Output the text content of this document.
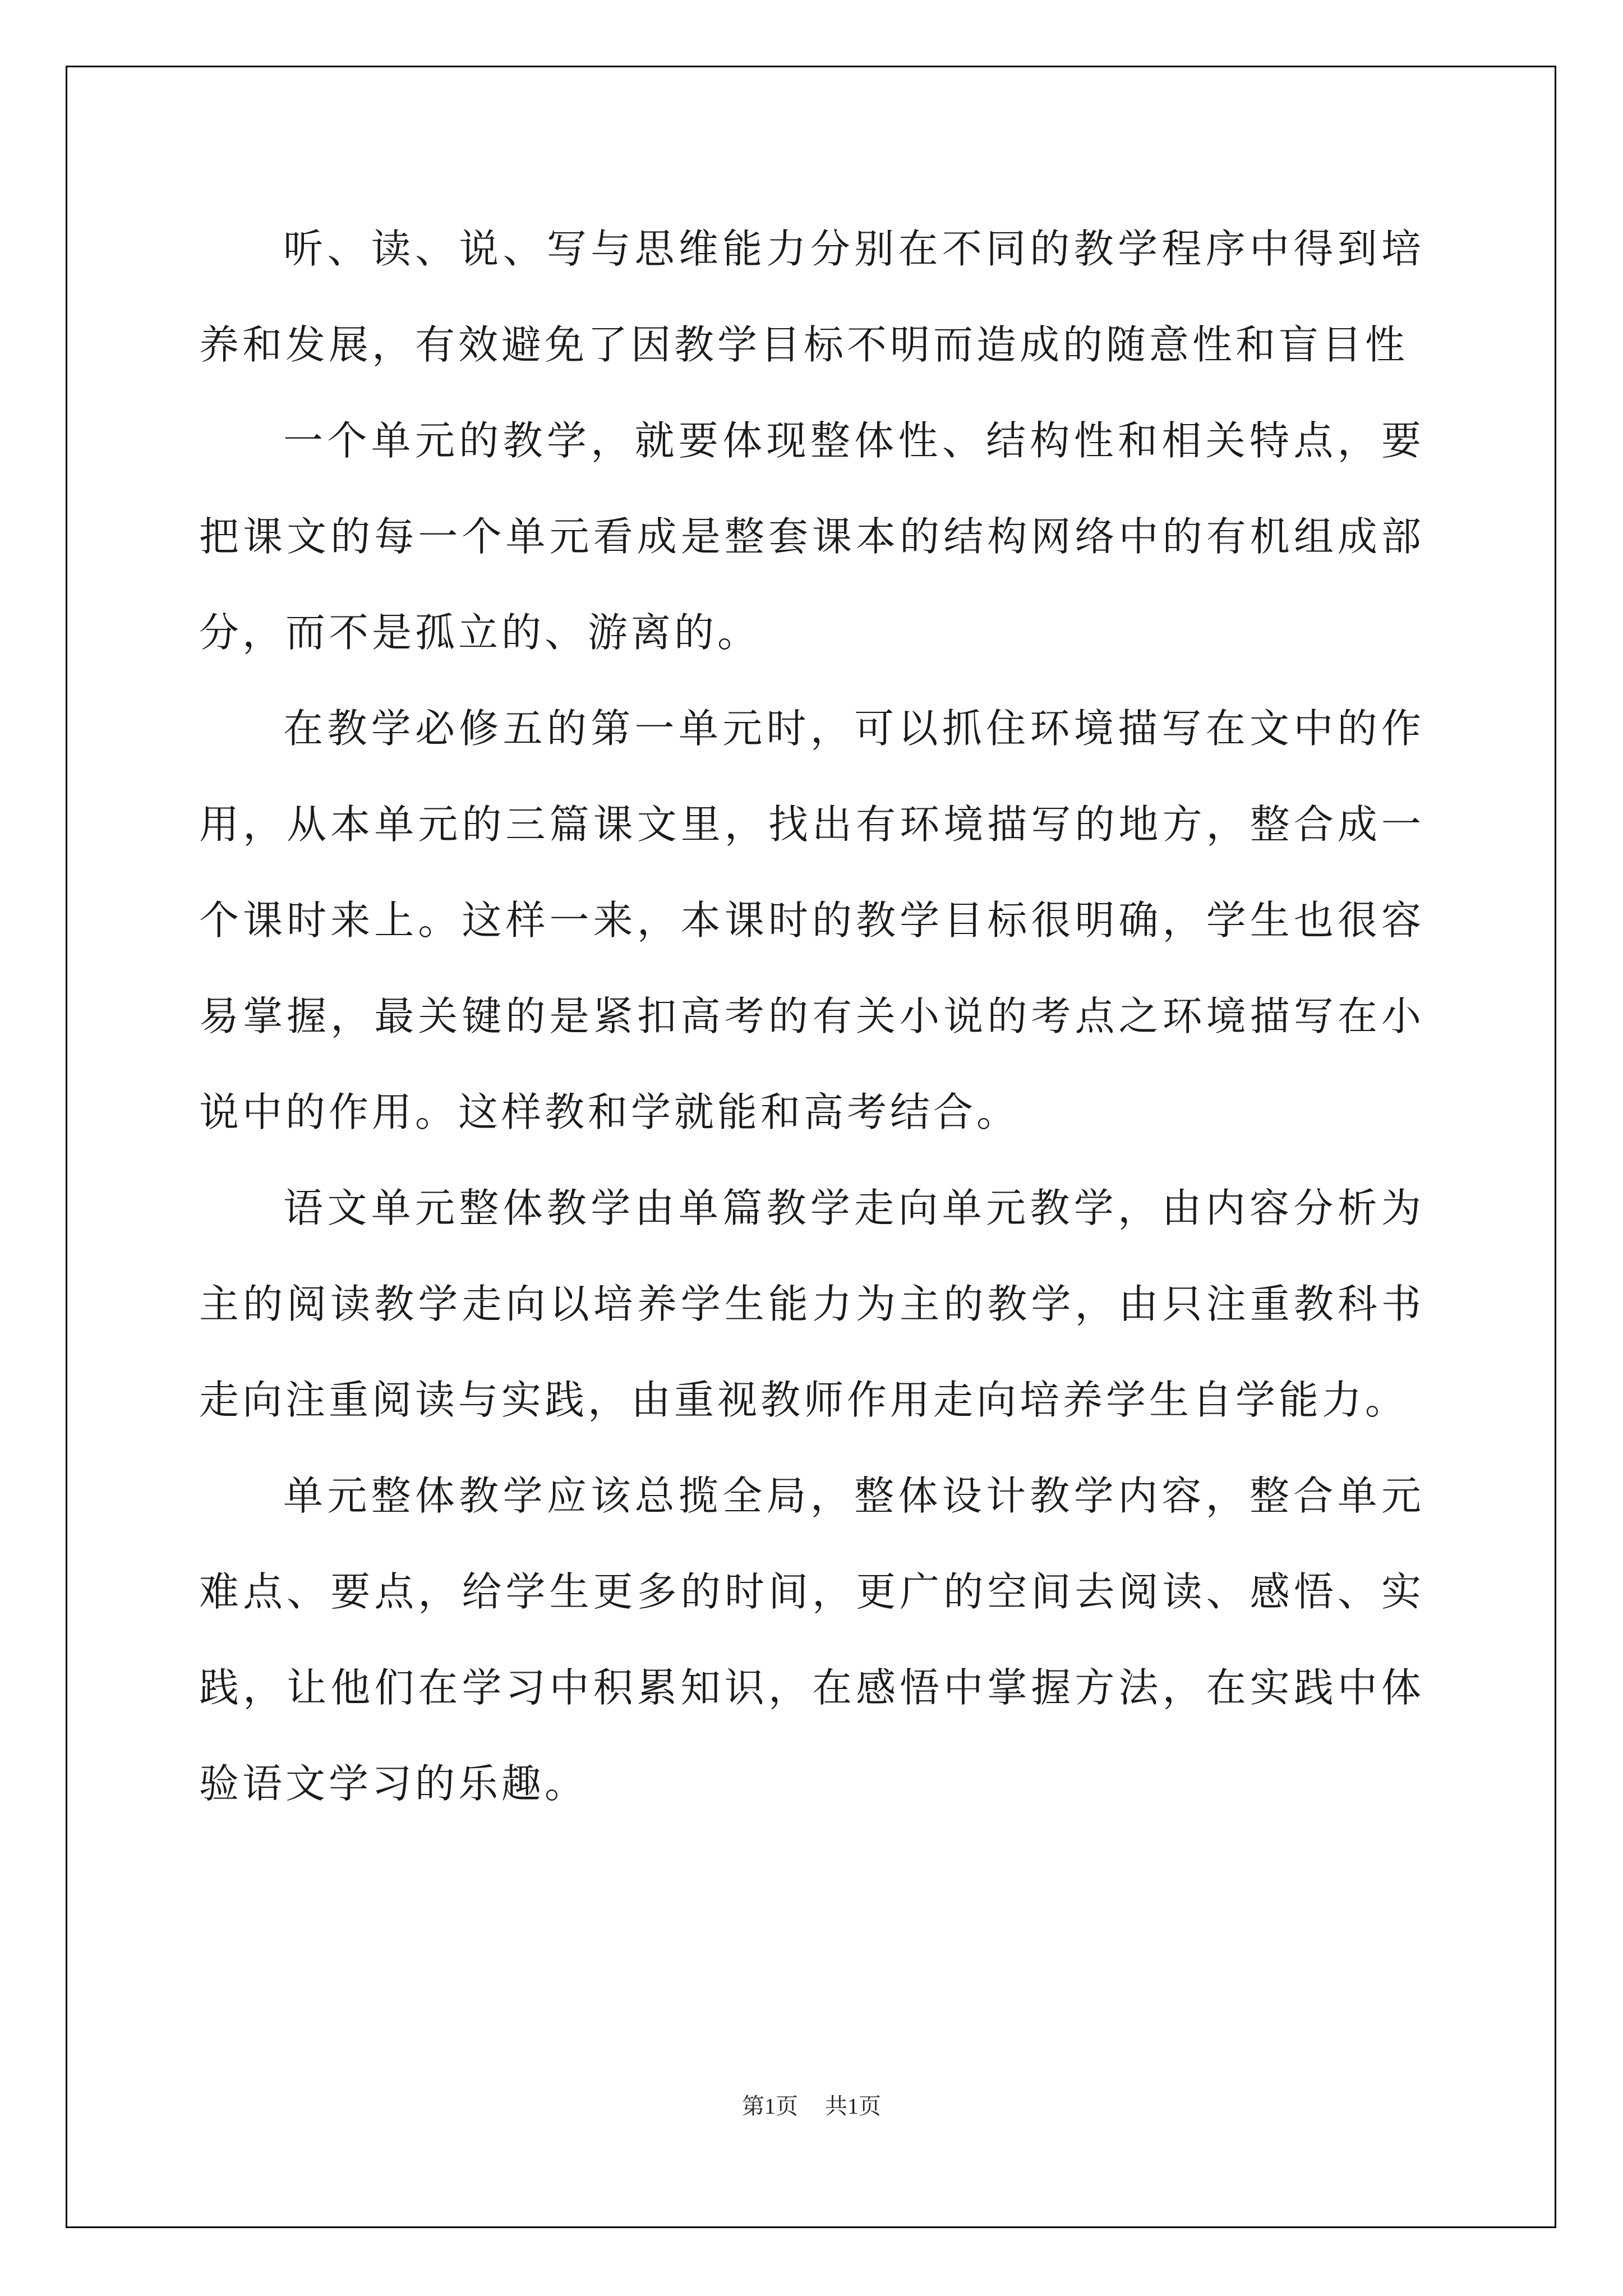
听、读、说、写与思维能力分别在不同的教学程序中得到培养和发展，有效避免了因教学目标不明而造成的随意性和盲目性

一个单元的教学，就要体现整体性、结构性和相关特点，要把课文的每一个单元看成是整套课本的结构网络中的有机组成部分，而不是孤立的、游离的。

在教学必修五的第一单元时，可以抓住环境描写在文中的作用，从本单元的三篇课文里，找出有环境描写的地方，整合成一个课时来上。这样一来，本课时的教学目标很明确，学生也很容易掌握，最关键的是紧扣高考的有关小说的考点之环境描写在小说中的作用。这样教和学就能和高考结合。

语文单元整体教学由单篇教学走向单元教学，由内容分析为主的阅读教学走向以培养学生能力为主的教学，由只注重教科书走向注重阅读与实践，由重视教师作用走向培养学生自学能力。

单元整体教学应该总揽全局，整体设计教学内容，整合单元难点、要点，给学生更多的时间，更广的空间去阅读、感悟、实践，让他们在学习中积累知识，在感悟中掌握方法，在实践中体验语文学习的乐趣。

第1页 共1页
